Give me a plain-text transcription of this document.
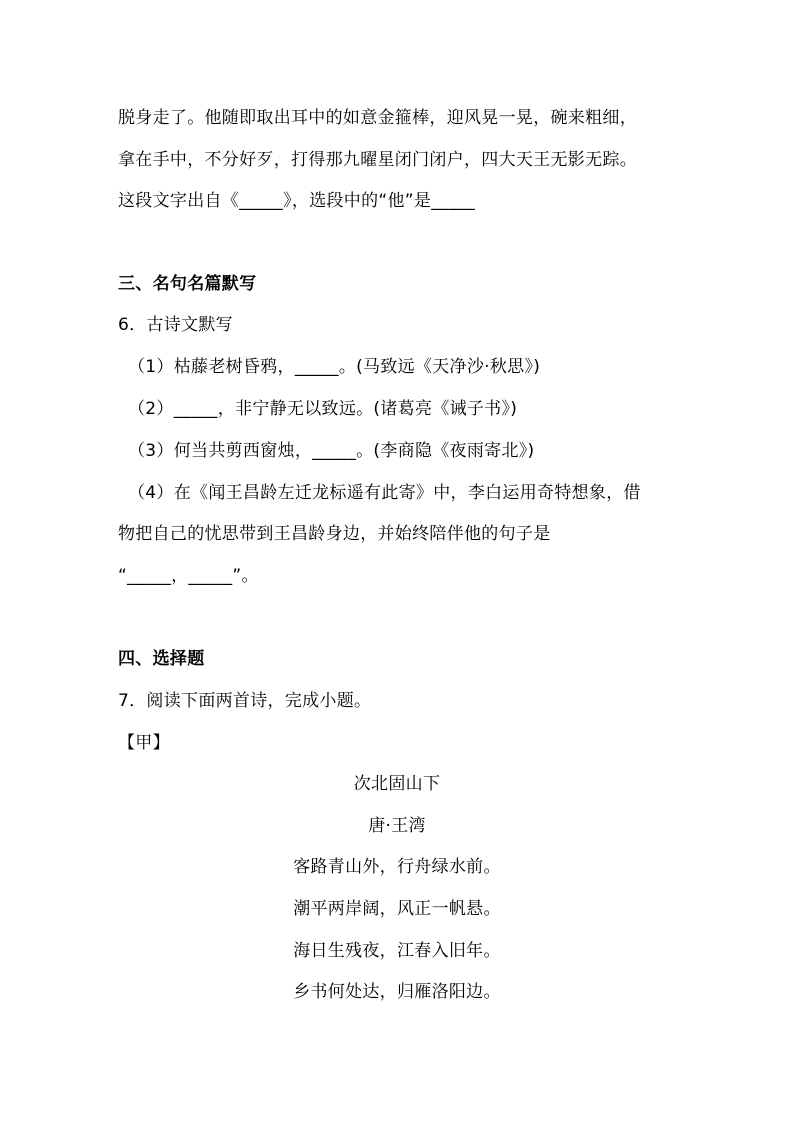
脱身走了。他随即取出耳中的如意金箍棒，迎风晃一晃，碗来粗细，
拿在手中，不分好歹，打得那九曜星闭门闭户，四大天王无影无踪。
这段文字出自《_____》，选段中的“他”是_____
三、名句名篇默写
6．古诗文默写
（1）枯藤老树昏鸦，_____。(马致远《天净沙·秋思》)
（2）_____，非宁静无以致远。(诸葛亮《诫子书》)
（3）何当共剪西窗烛，_____。(李商隐《夜雨寄北》)
（4）在《闻王昌龄左迁龙标遥有此寄》中，李白运用奇特想象，借
物把自己的忧思带到王昌龄身边，并始终陪伴他的句子是
“_____，_____”。
四、选择题
7．阅读下面两首诗，完成小题。
【甲】
次北固山下
唐·王湾
客路青山外，行舟绿水前。
潮平两岸阔，风正一帆悬。
海日生残夜，江春入旧年。
乡书何处达，归雁洛阳边。
